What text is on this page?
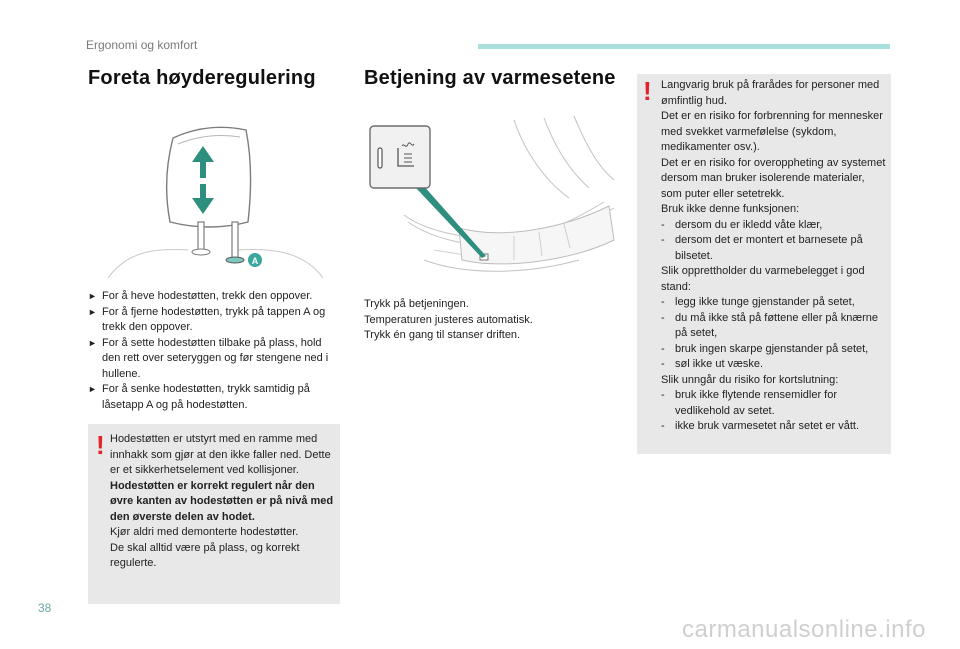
Ergonomi og komfort
Foreta høyderegulering
A
► For å heve hodestøtten, trekk den oppover.
► For å fjerne hodestøtten, trykk på tappen A og trekk den oppover.
► For å sette hodestøtten tilbake på plass, hold den rett over seteryggen og før stengene ned i hullene.
► For å senke hodestøtten, trykk samtidig på låsetapp A og på hodestøtten.
! Hodestøtten er utstyrt med en ramme med innhakk som gjør at den ikke faller ned. Dette er et sikkerhetselement ved kollisjoner.

Hodestøtten er korrekt regulert når den øvre kanten av hodestøtten er på nivå med den øverste delen av hodet.

Kjør aldri med demonterte hodestøtter.

De skal alltid være på plass, og korrekt regulerte.

Betjening av varmesetene

Trykk på betjeningen.

Temperaturen justeres automatisk.

Trykk én gang til stanser driften.

! Langvarig bruk på frarådes for personer med ømfintlig hud.

Det er en risiko for forbrenning for mennesker med svekket varmefølelse (sykdom, medikamenter osv.).

Det er en risiko for overoppheting av systemet dersom man bruker isolerende materialer, som puter eller setetrekk.

Bruk ikke denne funksjonen:

- dersom du er ikledd våte klær,

- dersom det er montert et barnesete på bilsetet.

Slik opprettholder du varmebelegget i god stand:

- legg ikke tunge gjenstander på setet,

- du må ikke stå på føttene eller på knærne på setet,

- bruk ingen skarpe gjenstander på setet,

- søl ikke ut væske.

Slik unngår du risiko for kortslutning:

- bruk ikke flytende rensemidler for vedlikehold av setet.

- ikke bruk varmesetet når setet er vått.

38
carmanualsonline.info
